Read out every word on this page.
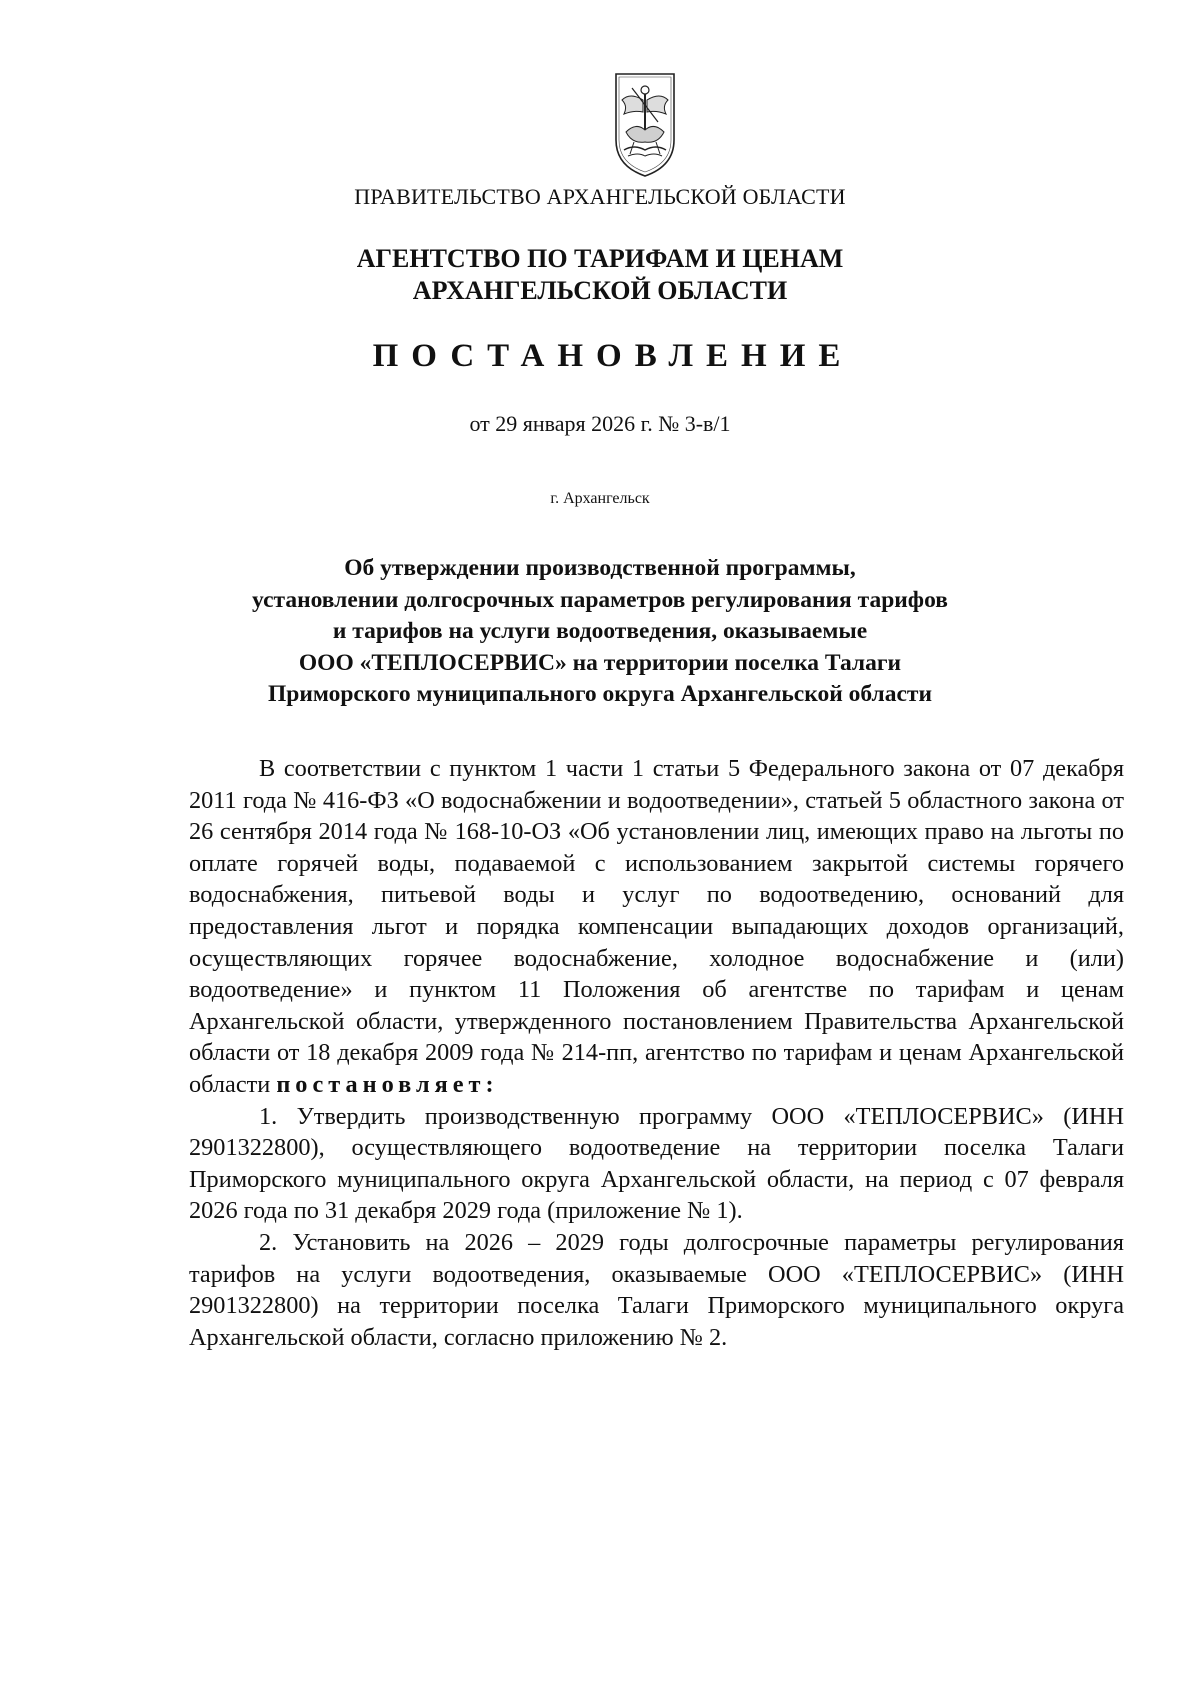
ПРАВИТЕЛЬСТВО АРХАНГЕЛЬСКОЙ ОБЛАСТИ
АГЕНТСТВО ПО ТАРИФАМ И ЦЕНАМ
АРХАНГЕЛЬСКОЙ ОБЛАСТИ
ПОСТАНОВЛЕНИЕ
от 29 января 2026 г. № 3-в/1
г. Архангельск
Об утверждении производственной программы,
установлении долгосрочных параметров регулирования тарифов
и тарифов на услуги водоотведения, оказываемые
ООО «ТЕПЛОСЕРВИС» на территории поселка Талаги
Приморского муниципального округа Архангельской области

В соответствии с пунктом 1 части 1 статьи 5 Федерального закона от 07 декабря 2011 года № 416-ФЗ «О водоснабжении и водоотведении», статьей 5 областного закона от 26 сентября 2014 года № 168-10-ОЗ «Об установлении лиц, имеющих право на льготы по оплате горячей воды, подаваемой с использованием закрытой системы горячего водоснабжения, питьевой воды и услуг по водоотведению, оснований для предоставления льгот и порядка компенсации выпадающих доходов организаций, осуществляющих горячее водоснабжение, холодное водоснабжение и (или) водоотведение» и пунктом 11 Положения об агентстве по тарифам и ценам Архангельской области, утвержденного постановлением Правительства Архангельской области от 18 декабря 2009 года № 214-пп, агентство по тарифам и ценам Архангельской области постановляет:

1. Утвердить производственную программу ООО «ТЕПЛОСЕРВИС» (ИНН 2901322800), осуществляющего водоотведение на территории поселка Талаги Приморского муниципального округа Архангельской области, на период с 07 февраля 2026 года по 31 декабря 2029 года (приложение № 1).

2. Установить на 2026 – 2029 годы долгосрочные параметры регулирования тарифов на услуги водоотведения, оказываемые ООО «ТЕПЛОСЕРВИС» (ИНН 2901322800) на территории поселка Талаги Приморского муниципального округа Архангельской области, согласно приложению № 2.
